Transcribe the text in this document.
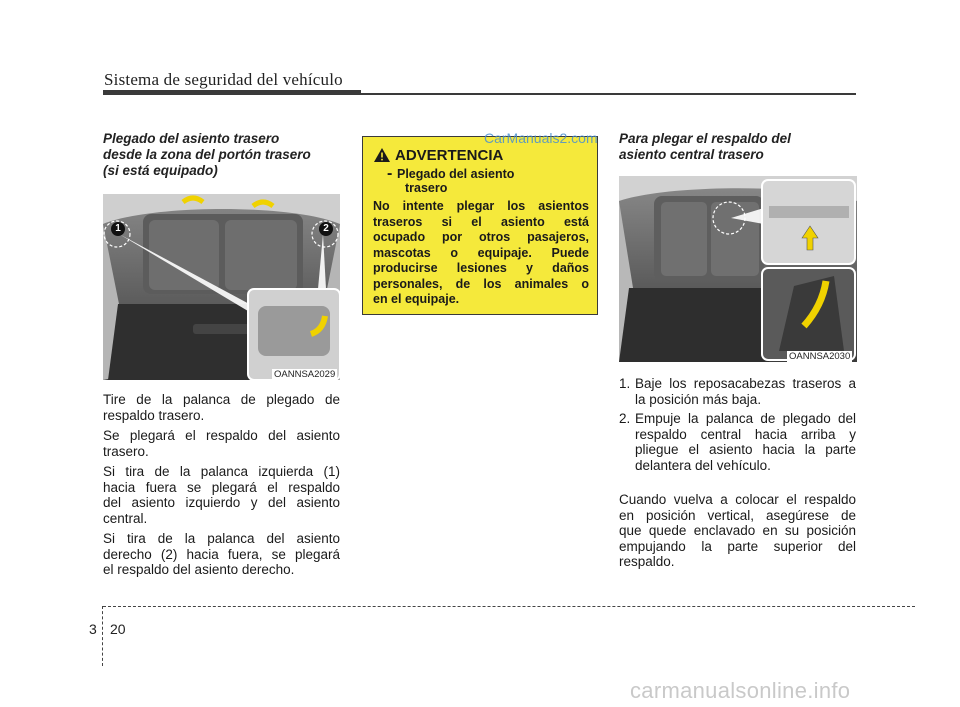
Sistema de seguridad del vehículo
Plegado del asiento trasero
desde la zona del portón trasero
(si está equipado)
1	2
OANNSA2029
Tire de la palanca de plegado de
respaldo trasero.
Se plegará el respaldo del asiento
trasero.
Si tira de la palanca izquierda (1)
hacia fuera se plegará el respaldo
del asiento izquierdo y del asiento
central.
Si tira de la palanca del asiento
derecho (2) hacia fuera, se plegará
el respaldo del asiento derecho.
ADVERTENCIA
- Plegado del asiento
trasero
No intente plegar los asientos
traseros si el asiento está
ocupado por otros pasajeros,
mascotas o equipaje. Puede
producirse lesiones y daños
personales, de los animales o
en el equipaje.
CarManuals2.com Para plegar el respaldo del
asiento central trasero
OANNSA2030
1. Baje los reposacabezas traseros a
la posición más baja.
2. Empuje la palanca de plegado del
respaldo central hacia arriba y
pliegue el asiento hacia la parte
delantera del vehículo.
Cuando vuelva a colocar el respaldo
en posición vertical, asegúrese de
que quede enclavado en su posición
empujando la parte superior del
respaldo.
3 20
carmanualsonline.info
